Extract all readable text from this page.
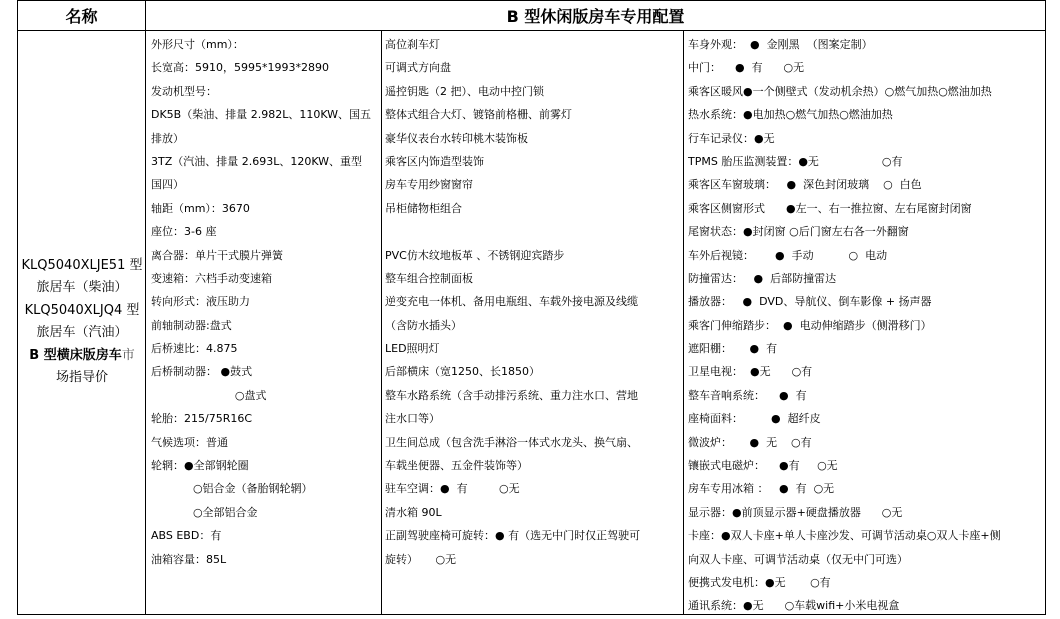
名称	B 型休闲版房车专用配置
KLQ5040XLJE51 型
旅居车（柴油）
KLQ5040XLJQ4 型
旅居车（汽油）
B 型横床版房车市
场指导价
外形尺寸（mm）：
长宽高：5910，5995*1993*2890
发动机型号：
DK5B（柴油、排量 2.982L、110KW、国五
排放）
3TZ（汽油、排量 2.693L、120KW、重型
国四）
轴距（mm）：3670
座位：3-6 座
离合器：单片干式膜片弹簧
变速箱：六档手动变速箱
转向形式：液压助力
前轴制动器:盘式
后桥速比：4.875
后桥制动器： ●鼓式
○盘式
轮胎：215/75R16C
气候选项：普通
轮辋：●全部钢轮圈
○铝合金（备胎钢轮辋）
○全部铝合金
ABS EBD：有
油箱容量：85L
高位刹车灯
可调式方向盘
遥控钥匙（2 把）、电动中控门锁
整体式组合大灯、镀铬前格栅、前雾灯
豪华仪表台水转印桃木装饰板
乘客区内饰造型装饰
房车专用纱窗窗帘
吊柜储物柜组合
PVC仿木纹地板革 、不锈钢迎宾踏步
整车组合控制面板
逆变充电一体机、备用电瓶组、车载外接电源及线缆
（含防水插头）
LED照明灯
后部横床（宽1250、长1850）
整车水路系统（含手动排污系统、重力注水口、营地
注水口等）
卫生间总成（包含洗手淋浴一体式水龙头、换气扇、
车载坐便器、五金件装饰等）
驻车空调：●  有         ○无
清水箱 90L
正副驾驶座椅可旋转：● 有（选无中门时仅正驾驶可
旋转）     ○无
车身外观：  ●  金刚黑  （图案定制）
中门：    ●  有      ○无
乘客区暖风●一个侧壁式（发动机余热）○燃气加热○燃油加热
热水系统：●电加热○燃气加热○燃油加热
行车记录仪：●无
TPMS 胎压监测装置：●无                  ○有
乘客区车窗玻璃：   ●  深色封闭玻璃    ○  白色
乘客区侧窗形式      ●左一、右一推拉窗、左右尾窗封闭窗
尾窗状态：●封闭窗 ○后门窗左右各一外翻窗
车外后视镜：      ●  手动          ○  电动
防撞雷达：   ●  后部防撞雷达
播放器：   ●  DVD、导航仪、倒车影像 + 扬声器
乘客门伸缩踏步：  ●  电动伸缩踏步（侧滑移门）
遮阳棚：     ●  有
卫星电视：  ●无      ○有
整车音响系统：    ●  有
座椅面料：        ●  超纤皮
微波炉：     ●  无    ○有
镶嵌式电磁炉：    ●有     ○无
房车专用冰箱 ：   ●  有  ○无
显示器：●前顶显示器+硬盘播放器      ○无
卡座：●双人卡座+单人卡座沙发、可调节活动桌○双人卡座+侧
向双人卡座、可调节活动桌（仅无中门可选）
便携式发电机：●无       ○有
通讯系统：●无      ○车载wifi+小米电视盒
